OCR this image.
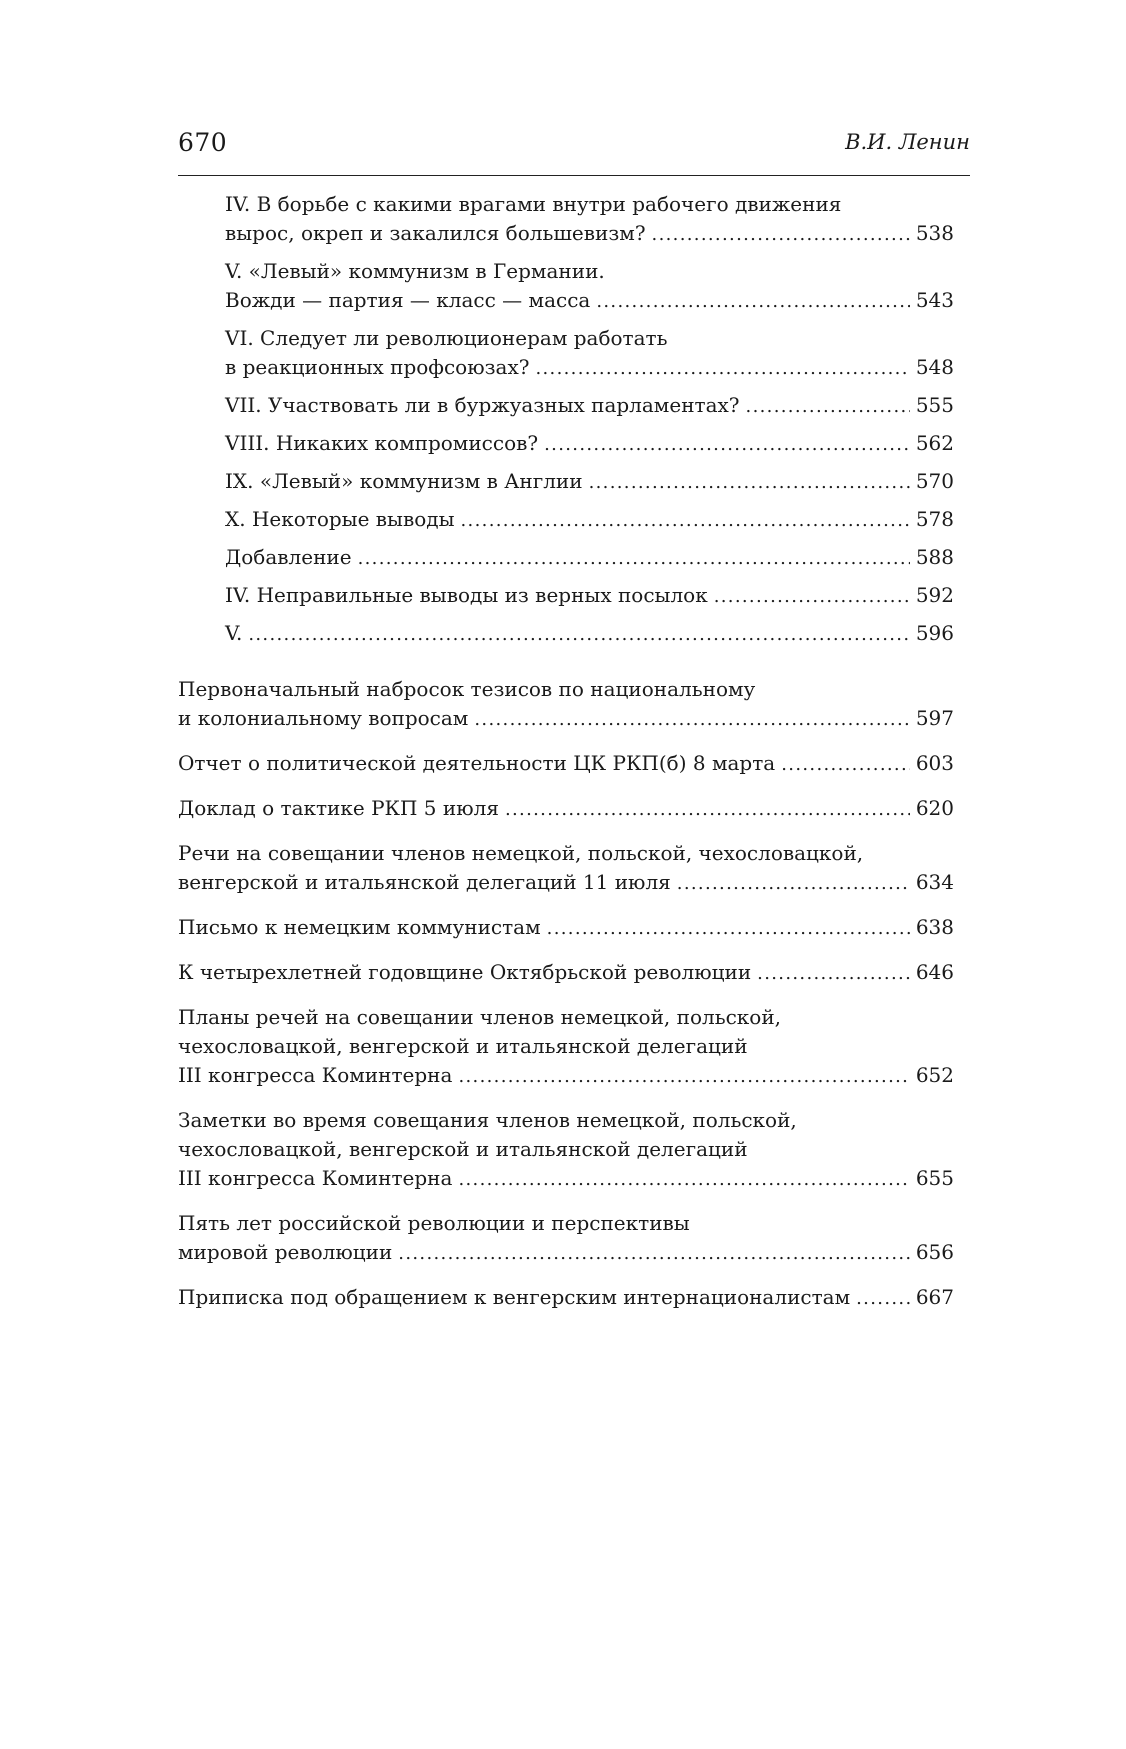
670	В.И. Ленин
IV. В борьбе с какими врагами внутри рабочего движения
вырос, окреп и закалился большевизм? . . .	538
V. «Левый» коммунизм в Германии.
Вожди — партия — класс — масса . . .	543
VI. Следует ли революционерам работать
в реакционных профсоюзах? . . .	548
VII. Участвовать ли в буржуазных парламентах? . . .	555
VIII. Никаких компромиссов? . . .	562
IX. «Левый» коммунизм в Англии . . .	570
X. Некоторые выводы . . .	578
Добавление . . .	588
IV. Неправильные выводы из верных посылок . . .	592
V. . . .	596
Первоначальный набросок тезисов по национальному
и колониальному вопросам . . .	597
Отчет о политической деятельности ЦК РКП(б) 8 марта . . .	603
Доклад о тактике РКП 5 июля . . .	620
Речи на совещании членов немецкой, польской, чехословацкой,
венгерской и итальянской делегаций 11 июля . . .	634
Письмо к немецким коммунистам . . .	638
К четырехлетней годовщине Октябрьской революции . . .	646
Планы речей на совещании членов немецкой, польской,
чехословацкой, венгерской и итальянской делегаций
III конгресса Коминтерна . . .	652
Заметки во время совещания членов немецкой, польской,
чехословацкой, венгерской и итальянской делегаций
III конгресса Коминтерна . . .	655
Пять лет российской революции и перспективы
мировой революции . . .	656
Приписка под обращением к венгерским интернационалистам . . .	667
